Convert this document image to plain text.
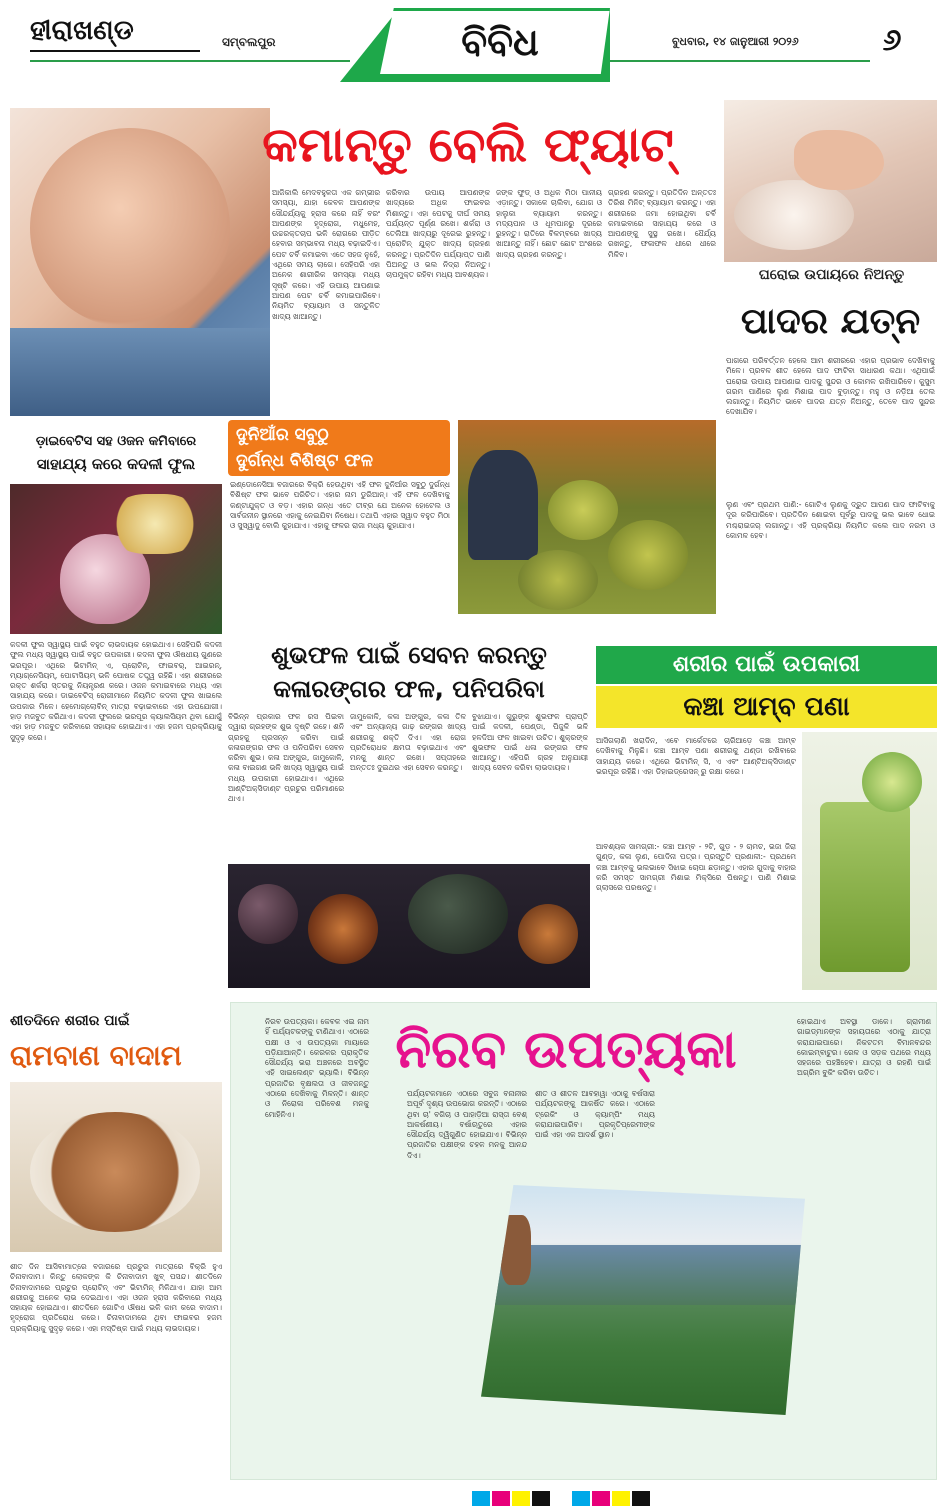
ହୀରାଖଣ୍ଡ	ସମ୍ବଲପୁର	ବିବିଧ	ବୁଧବାର, ୧୪ ଜାନୁଆରୀ ୨୦୨୬	୬
କମାନ୍ତୁ ବେଲି ଫ୍ୟାଟ୍
ଆଜିକାଲି ମେଦବହୁଳତା ଏକ ଗମ୍ଭୀର ସମସ୍ୟା, ଯାହା କେବଳ ଆପଣଙ୍କ ସୌନ୍ଦର୍ଯ୍ୟକୁ ହ୍ରାସ କରେ ନାହିଁ ବରଂ ଆପଣଙ୍କ ହୃଦ୍‌ରୋଗ, ମଧୁମେହ, ଉଚ୍ଚରକ୍ତଚାପ ଭଳି ରୋଗରେ ପୀଡ଼ିତ ହେବାର ସମ୍ଭାବନା ମଧ୍ୟ ବଢ଼ାଇଦିଏ। ପେଟ ଚର୍ବି କମାଇବା ଏତେ ସହଜ ନୁହେଁ, ଏଥିରେ ସମୟ ଲାଗେ। ସେହିପରି ଏହା ଅନେକ ଶାରୀରିକ ସମସ୍ୟା ମଧ୍ୟ ସୃଷ୍ଟି କରେ। ଏହି ଉପାୟ ଆପଣାଇ ଆପଣ ପେଟ ଚର୍ବି କମାଇପାରିବେ। ନିୟମିତ ବ୍ୟାୟାମ ଓ ସନ୍ତୁଳିତ ଖାଦ୍ୟ ଖାଆନ୍ତୁ।
କରିବାର ଉପାୟ ଆପଣଙ୍କ ଖାଦ୍ୟରେ ଅଧିକ ଫାଇବର ମିଶାନ୍ତୁ। ଏହା ପେଟକୁ ଦୀର୍ଘ ସମୟ ପର୍ଯ୍ୟନ୍ତ ପୂର୍ଣ୍ଣ ରଖେ। ଶର୍କରା ଓ ତେଲିଆ ଖାଦ୍ୟରୁ ଦୂରେଇ ରୁହନ୍ତୁ। ପ୍ରୋଟିନ୍ ଯୁକ୍ତ ଖାଦ୍ୟ ଗ୍ରହଣ କରନ୍ତୁ। ପ୍ରତିଦିନ ପର୍ଯ୍ୟାପ୍ତ ପାଣି ପିଅନ୍ତୁ ଓ ଭଲ ନିଦ୍ରା ନିଅନ୍ତୁ। ଚାପମୁକ୍ତ ରହିବା ମଧ୍ୟ ଆବଶ୍ୟକ।
ଜଙ୍କ ଫୁଡ୍ ଓ ଅଧିକ ମିଠା ପାନୀୟ ଏଡ଼ାନ୍ତୁ। ସକାଳେ ଚାଲିବା, ଯୋଗ ଓ ହାଲୁକା ବ୍ୟାୟାମ କରନ୍ତୁ। ମଦ୍ୟପାନ ଓ ଧୂମପାନରୁ ଦୂରରେ ରୁହନ୍ତୁ। ରାତିରେ ବିଳମ୍ବରେ ଖାଦ୍ୟ ଖାଆନ୍ତୁ ନାହିଁ। ଛୋଟ ଛୋଟ ଅଂଶରେ ଖାଦ୍ୟ ଗ୍ରହଣ କରନ୍ତୁ।
ଗ୍ରହଣ କରନ୍ତୁ। ପ୍ରତିଦିନ ଅନ୍ତତଃ ତିରିଶ ମିନିଟ୍ ବ୍ୟାୟାମ କରନ୍ତୁ। ଏହା ଶରୀରରେ ଜମା ହୋଇଥିବା ଚର୍ବି କମାଇବାରେ ସାହାଯ୍ୟ କରେ ଓ ଆପଣଙ୍କୁ ସୁସ୍ଥ ରଖେ। ଧୈର୍ଯ୍ୟ ରଖନ୍ତୁ, ଫଳାଫଳ ଧୀରେ ଧୀରେ ମିଳିବ।
ଘରୋଇ ଉପାୟରେ ନିଅନ୍ତୁ
ପାଦର ଯତ୍ନ
ପାଗରେ ପରିବର୍ତ୍ତନ ହେଲେ ଆମ ଶରୀରରେ ଏହାର ପ୍ରଭାବ ଦେଖିବାକୁ ମିଳେ। ପ୍ରବଳ ଶୀତ ହେଲେ ପାଦ ଫାଟିବା ସାଧାରଣ କଥା। ଏଥିପାଇଁ ଘରୋଇ ଉପାୟ ଆପଣାଇ ପାଦକୁ ସୁନ୍ଦର ଓ କୋମଳ ରଖିପାରିବେ। କୁସୁମ ଗରମ ପାଣିରେ ଲୁଣ ମିଶାଇ ପାଦ ବୁଡ଼ାନ୍ତୁ। ମହୁ ଓ ନଡ଼ିଆ ତେଲ ଲଗାନ୍ତୁ। ନିୟମିତ ଭାବେ ପାଦର ଯତ୍ନ ନିଅନ୍ତୁ, ତେବେ ପାଦ ସୁନ୍ଦର ଦେଖାଯିବ।
ଲୁଣ ଏବଂ ପ୍ରଥମ ପାଣି:- ଗୋଟିଏ ଲୁଣକୁ ଦ୍ରୁତ ଆପଣ ପାଦ ଫାଟିବାକୁ ଦୂର କରିପାରିବେ। ପ୍ରତିଦିନ ଶୋଇବା ପୂର୍ବରୁ ପାଦକୁ ଭଲ ଭାବେ ଧୋଇ ମଶ୍ଚରାଇଜର୍ ଲଗାନ୍ତୁ। ଏହି ପ୍ରକ୍ରିୟା ନିୟମିତ କଲେ ପାଦ ନରମ ଓ କୋମଳ ହେବ।
ଡ଼ାଇବେଟିସ ସହ ଓଜନ କମିବାରେ
ସାହାଯ୍ୟ କରେ କଦଳୀ ଫୁଲ
କଦଳୀ ଫୁଲ ସ୍ୱାସ୍ଥ୍ୟ ପାଇଁ ବହୁତ ଲାଭଦାୟକ ହୋଇଥାଏ। ସେହିପରି କଦଳୀ ଫୁଲ ମଧ୍ୟ ସ୍ୱାସ୍ଥ୍ୟ ପାଇଁ ବହୁତ ଉପକାରୀ। କଦଳୀ ଫୁଲ ଔଷଧୀୟ ଗୁଣରେ ଭରପୂର। ଏଥିରେ ଭିଟାମିନ୍ ଏ, ପ୍ରୋଟିନ୍, ଫାଇବର୍, ଆଇରନ୍, ମ୍ୟାଗ୍ନେସିୟମ୍, ପୋଟାସିୟମ୍ ଭଳି ପୋଷକ ତତ୍ତ୍ୱ ରହିଛି। ଏହା ଶରୀରରେ ରକ୍ତ ଶର୍କରା ସ୍ତରକୁ ନିୟନ୍ତ୍ରଣ କରେ। ଓଜନ କମାଇବାରେ ମଧ୍ୟ ଏହା ସାହାଯ୍ୟ କରେ। ଡାଇବେଟିସ୍ ରୋଗୀମାନେ ନିୟମିତ କଦଳୀ ଫୁଲ ଖାଇଲେ ଉପକାର ମିଳେ। ହେମୋଗ୍ଲୋବିନ୍ ମାତ୍ରା ବଢ଼ାଇବାରେ ଏହା ଉପଯୋଗୀ। ହାଡ଼ ମଜବୁତ କରିଥାଏ। କଦଳୀ ଫୁଲରେ ଭରପୂର କ୍ୟାଲସିୟମ ଥିବା ଯୋଗୁଁ ଏହା ହାଡ଼ ମଜବୁତ କରିବାରେ ସହାୟକ ହୋଇଥାଏ। ଏହା ହଜମ ପ୍ରକ୍ରିୟାକୁ ସୁଦୃଢ଼ କରେ।
ଦୁନିଆଁର ସବୁଠୁ
ଦୁର୍ଗନ୍ଧ ବିଶିଷ୍ଟ ଫଳ
ଇଣ୍ଡୋନେସିଆ ବଜାରରେ ବିକ୍ରି ହେଉଥିବା ଏହି ଫଳ ଦୁନିଆଁର ସବୁଠୁ ଦୁର୍ଗନ୍ଧ ବିଶିଷ୍ଟ ଫଳ ଭାବେ ପରିଚିତ। ଏହାର ନାମ ଡୁରିଆନ୍। ଏହି ଫଳ ଦେଖିବାକୁ କଣ୍ଟାଯୁକ୍ତ ଓ ବଡ଼। ଏହାର ଗନ୍ଧ ଏତେ ତୀବ୍ର ଯେ ଅନେକ ହୋଟେଲ ଓ ସାର୍ବଜନୀନ ସ୍ଥାନରେ ଏହାକୁ ନେଇଯିବା ନିଷେଧ। ତଥାପି ଏହାର ସ୍ୱାଦ ବହୁତ ମିଠା ଓ ସୁସ୍ୱାଦୁ ବୋଲି କୁହାଯାଏ। ଏହାକୁ ଫଳର ରାଜା ମଧ୍ୟ କୁହାଯାଏ।
ଶୁଭଫଳ ପାଇଁ ସେବନ କରନ୍ତୁ
କଳାରଙ୍ଗର ଫଳ, ପନିପରିବା
ବିଭିନ୍ନ ପ୍ରକାର ଫଳ ରସ ପିଇବା ଦ୍ୱାରା ଗ୍ରହଙ୍କ ଶୁଭ ଦୃଷ୍ଟି ରହେ। ଶନି ଗ୍ରହକୁ ପ୍ରସନ୍ନ କରିବା ପାଇଁ କଳାରଙ୍ଗର ଫଳ ଓ ପନିପରିବା ସେବନ କରିବା ଶୁଭ। କଳା ଅଙ୍ଗୁର, ଜାମୁକୋଳି, କଳା ବାଇଗଣ ଭଳି ଖାଦ୍ୟ ସ୍ୱାସ୍ଥ୍ୟ ପାଇଁ ମଧ୍ୟ ଉପକାରୀ ହୋଇଥାଏ। ଏଥିରେ ଆଣ୍ଟିଅକ୍ସିଡାଣ୍ଟ ପ୍ରଚୁର ପରିମାଣରେ ଥାଏ।
ଜାମୁକୋଳି, କଳା ଅଙ୍ଗୁର, କଳା ତିଳ ଏବଂ ଅନ୍ୟାନ୍ୟ ଗାଢ଼ ରଙ୍ଗର ଖାଦ୍ୟ ଶରୀରକୁ ଶକ୍ତି ଦିଏ। ଏହା ରୋଗ ପ୍ରତିରୋଧକ କ୍ଷମତା ବଢ଼ାଇଥାଏ ଏବଂ ମନକୁ ଶାନ୍ତ ରଖେ। ସପ୍ତାହରେ ଅନ୍ତତଃ ଦୁଇଥର ଏହା ସେବନ କରନ୍ତୁ।
ବୁଝାଯାଏ। ଗୁରୁଙ୍କ ଶୁଭଫଳ ପ୍ରାପ୍ତି ପାଇଁ କଦଳୀ, ପେଣ୍ଡା, ପିଜୁଳି ଭଳି ହଳଦିଆ ଫଳ ଖାଇବା ଉଚିତ। ଶୁକ୍ରଙ୍କ ଶୁଭଫଳ ପାଇଁ ଧଳା ରଙ୍ଗର ଫଳ ଖାଆନ୍ତୁ। ଏହିପରି ଗ୍ରହ ଅନୁଯାୟୀ ଖାଦ୍ୟ ସେବନ କରିବା ଲାଭଦାୟକ।
ଶରୀର ପାଇଁ ଉପକାରୀ
କଞ୍ଚା ଆମ୍ବ ପଣା
ଆସିଗଲାଣି ଖରାଦିନ, ଏବେ ମାର୍କେଟରେ ଚାରିଆଡ଼େ କଞ୍ଚା ଆମ୍ବ ଦେଖିବାକୁ ମିଳୁଛି। କଞ୍ଚା ଆମ୍ବ ପଣା ଶରୀରକୁ ଥଣ୍ଡା ରଖିବାରେ ସାହାଯ୍ୟ କରେ। ଏଥିରେ ଭିଟାମିନ୍ ସି, ଏ ଏବଂ ଆଣ୍ଟିଅକ୍ସିଡାଣ୍ଟ ଭରପୂର ରହିଛି। ଏହା ଡିହାଇଡ୍ରେସନ୍ ରୁ ରକ୍ଷା କରେ।
ଆବଶ୍ୟକ ସାମଗ୍ରୀ:- କଞ୍ଚା ଆମ୍ବ - ୨ଟି, ଗୁଡ଼ - ୨ ଚାମଚ, ଭଜା ଜିରା ଗୁଣ୍ଡ, କଳା ଲୁଣ, ପୋଦିନା ପତ୍ର। ପ୍ରସ୍ତୁତି ପ୍ରଣାଳୀ:- ପ୍ରଥମେ କଞ୍ଚା ଆମ୍ବକୁ ଭଲଭାବେ ସିଝାଇ ଚୋପା ଛଡ଼ାନ୍ତୁ। ଏହାର ଗୁଦାକୁ ବାହାର କରି ସମସ୍ତ ସାମଗ୍ରୀ ମିଶାଇ ମିକ୍ସିରେ ପିଷନ୍ତୁ। ପାଣି ମିଶାଇ ଗ୍ଲାସରେ ପରଷନ୍ତୁ।
ଶୀତଦିନେ ଶରୀର ପାଇଁ
ରାମବାଣ ବାଦାମ
ଶୀତ ଦିନ ଆସିବାମାତ୍ରେ ବଜାରରେ ପ୍ରଚୁର ମାତ୍ରାରେ ବିକ୍ରି ହୁଏ ଚିନାବାଦାମ। କିନ୍ତୁ ଲୋକଙ୍କ କି ଚିନାବାଦାମ ଖୁବ୍ ପସନ୍ଦ। ଶୀତଦିନେ ଚିନାବାଦାମରେ ପ୍ରଚୁର ପ୍ରୋଟିନ୍ ଏବଂ ଭିଟାମିନ୍ ମିଳିଥାଏ। ଯାହା ଆମ ଶରୀରକୁ ଅନେକ ଲାଭ ଦେଇଥାଏ। ଏହା ଓଜନ ହ୍ରାସ କରିବାରେ ମଧ୍ୟ ସହାୟକ ହୋଇଥାଏ। ଶୀତଦିନେ ଗୋଟିଏ ଔଷଧ ଭଳି କାମ କରେ ବାଦାମ। ହୃଦ୍‌ରୋଗ ପ୍ରତିରୋଧ କରେ। ଚିନାବାଦାମରେ ଥିବା ଫାଇବର ହଜମ ପ୍ରକ୍ରିୟାକୁ ସୁଦୃଢ଼ କରେ। ଏହା ମସ୍ତିଷ୍କ ପାଇଁ ମଧ୍ୟ ଲାଭଦାୟକ।
ନିରବ ଉପତ୍ୟକା
ନିରବ ଉପତ୍ୟକା। କେବଳ ଏଇ ନାମ ହିଁ ପର୍ଯ୍ୟଟକଙ୍କୁ ଟାଣିଥାଏ। ଏଠାରେ ପକ୍ଷୀ ଓ ଏ ଉପତ୍ୟକା ମାୟାରେ ପଡ଼ିଯାଆନ୍ତି। କେରଳର ପ୍ରାକୃତିକ ସୌନ୍ଦର୍ଯ୍ୟ ଭରା ଅଞ୍ଚଳରେ ଅବସ୍ଥିତ ଏହି ସାଇଲେଣ୍ଟ ଭ୍ୟାଲି। ବିଭିନ୍ନ ପ୍ରଜାତିର ବୃକ୍ଷଲତା ଓ ଜୀବଜନ୍ତୁ ଏଠାରେ ଦେଖିବାକୁ ମିଳନ୍ତି। ଶାନ୍ତ ଓ ନିରୋଳା ପରିବେଶ ମନକୁ ମୋହିନିଏ।
ପର୍ଯ୍ୟଟକମାନେ ଏଠାରେ ସବୁଜ ବନାନୀର ଅପୂର୍ବ ଦୃଶ୍ୟ ଉପଭୋଗ କରନ୍ତି। ଏଠାରେ ଥିବା ଚା' ବଗିଚା ଓ ପାହାଡ଼ିଆ ରାସ୍ତା ବେଶ୍ ଆକର୍ଷଣୀୟ। ବର୍ଷାଋତୁରେ ଏହାର ସୌନ୍ଦର୍ଯ୍ୟ ଦ୍ୱିଗୁଣିତ ହୋଇଯାଏ। ବିଭିନ୍ନ ପ୍ରଜାତିର ପକ୍ଷୀଙ୍କ ଚହଳ ମନକୁ ଆନନ୍ଦ ଦିଏ।
ଶୀତ ଓ ଶୀତଳ ଆବହାୱା ଏଠାକୁ ବର୍ଷସାରା ପର୍ଯ୍ୟଟକଙ୍କୁ ଆକର୍ଷିତ କରେ। ଏଠାରେ ଟ୍ରେକିଂ ଓ କ୍ୟାମ୍ପିଂ ମଧ୍ୟ କରାଯାଇପାରିବ। ପ୍ରକୃତିପ୍ରେମୀଙ୍କ ପାଇଁ ଏହା ଏକ ଆଦର୍ଶ ସ୍ଥାନ।
ହୋଇଥାଏ ଅବସ୍ଥା ଡାକେ। ଗ୍ରାମୀଣ ଗାଇଡ୍‌ମାନଙ୍କ ସହାୟତାରେ ଏଠାକୁ ଯାତ୍ରା କରାଯାଇପାରେ। ନିକଟତମ ବିମାନବନ୍ଦର କୋଇମ୍ବାଟୁର। ରେଳ ଓ ସଡ଼କ ପଥରେ ମଧ୍ୟ ସହଜରେ ପହଞ୍ଚିହେବ। ଯାତ୍ରା ଓ ରହଣି ପାଇଁ ଅଗ୍ରିମ ବୁକିଂ କରିବା ଉଚିତ।
